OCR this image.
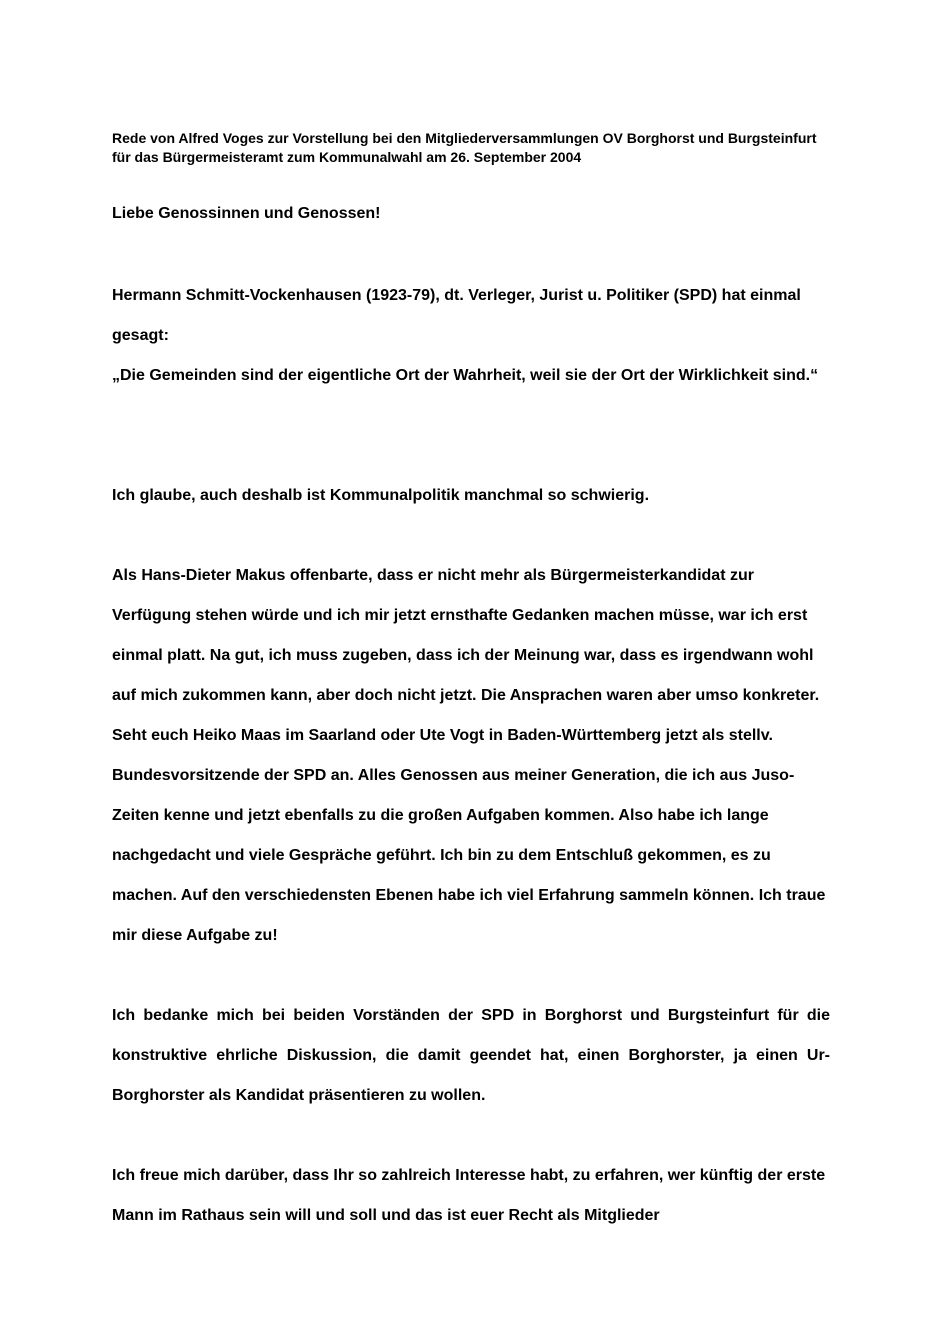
Rede von Alfred Voges zur Vorstellung bei den Mitgliederversammlungen OV Borghorst und Burgsteinfurt für das Bürgermeisteramt zum Kommunalwahl am 26. September 2004

Liebe Genossinnen und Genossen!

Hermann Schmitt-Vockenhausen (1923-79), dt. Verleger, Jurist u. Politiker (SPD) hat einmal gesagt:

„Die Gemeinden sind der eigentliche Ort der Wahrheit, weil sie der Ort der Wirklichkeit sind.“

Ich glaube, auch deshalb ist Kommunalpolitik manchmal so schwierig.

Als Hans-Dieter Makus offenbarte, dass er nicht mehr als Bürgermeisterkandidat zur Verfügung stehen würde und ich mir jetzt ernsthafte Gedanken machen müsse, war ich erst einmal platt. Na gut, ich muss zugeben, dass ich der Meinung war, dass es irgendwann wohl auf mich zukommen kann, aber doch nicht jetzt. Die Ansprachen waren aber umso konkreter. Seht euch Heiko Maas im Saarland oder Ute Vogt in Baden-Württemberg jetzt als stellv. Bundesvorsitzende der SPD an. Alles Genossen aus meiner Generation, die ich aus Juso-Zeiten kenne und jetzt ebenfalls zu die großen Aufgaben kommen. Also habe ich lange nachgedacht und viele Gespräche geführt. Ich bin zu dem Entschluß gekommen, es zu machen. Auf den verschiedensten Ebenen habe ich viel Erfahrung sammeln können. Ich traue mir diese Aufgabe zu!

Ich bedanke mich bei beiden Vorständen der SPD in Borghorst und Burgsteinfurt für die konstruktive ehrliche Diskussion, die damit geendet hat, einen Borghorster, ja einen Ur-Borghorster als Kandidat präsentieren zu wollen.

Ich freue mich darüber, dass Ihr so zahlreich Interesse habt, zu erfahren, wer künftig der erste Mann im Rathaus sein will und soll und das ist euer Recht als Mitglieder
